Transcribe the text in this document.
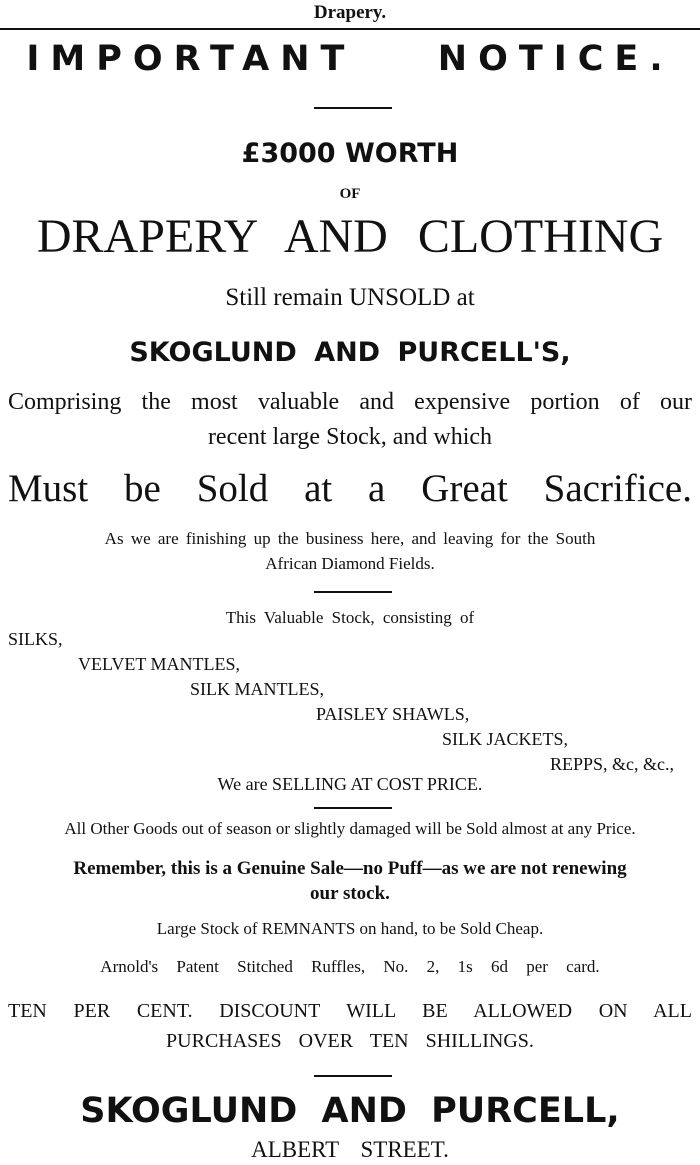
Drapery.
IMPORTANT NOTICE.
£3000 WORTH
OF
DRAPERY AND CLOTHING
Still remain UNSOLD at
SKOGLUND AND PURCELL'S,
Comprising the most valuable and expensive portion of our
recent large Stock, and which
Must be Sold at a Great Sacrifice.
As we are finishing up the business here, and leaving for the South
African Diamond Fields.
This Valuable Stock, consisting of
SILKS,
VELVET MANTLES,
SILK MANTLES,
PAISLEY SHAWLS,
SILK JACKETS,
REPPS, &c, &c.,
We are SELLING AT COST PRICE.
All Other Goods out of season or slightly damaged will be Sold almost at any Price.
Remember, this is a Genuine Sale—no Puff—as we are not renewing
our stock.
Large Stock of REMNANTS on hand, to be Sold Cheap.
Arnold's Patent Stitched Ruffles, No. 2, 1s 6d per card.
TEN PER CENT. DISCOUNT WILL BE ALLOWED ON ALL
PURCHASES OVER TEN SHILLINGS.
SKOGLUND AND PURCELL,
ALBERT STREET.
